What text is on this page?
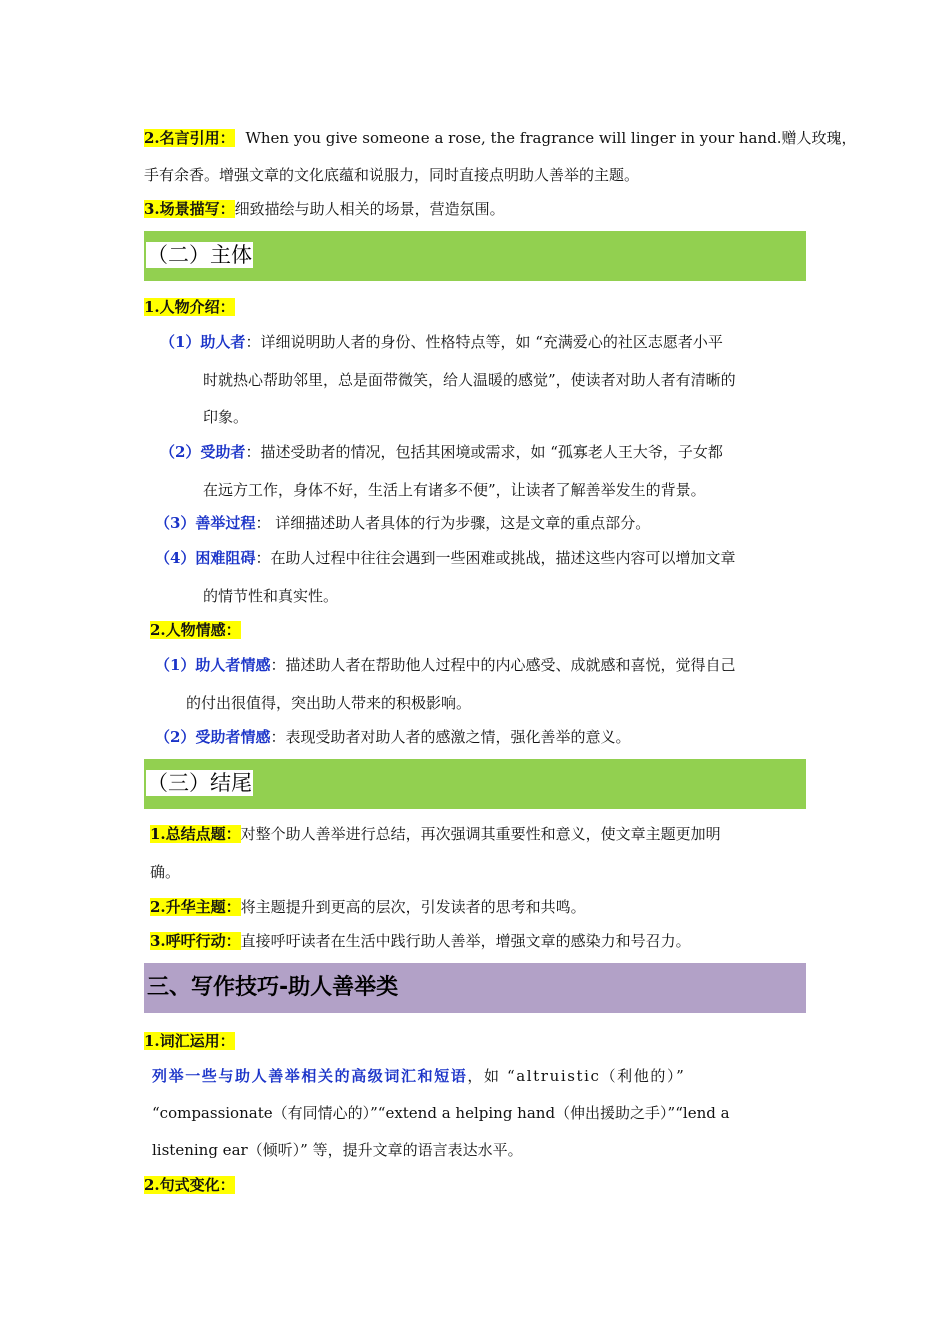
2.名言引用： When you give someone a rose, the fragrance will linger in your hand.赠人玫瑰，
手有余香。增强文章的文化底蕴和说服力，同时直接点明助人善举的主题。
3.场景描写：细致描绘与助人相关的场景，营造氛围。
（二）主体
1.人物介绍：
（1）助人者：详细说明助人者的身份、性格特点等，如 “充满爱心的社区志愿者小平
时就热心帮助邻里，总是面带微笑，给人温暖的感觉”，使读者对助人者有清晰的
印象。
（2）受助者：描述受助者的情况，包括其困境或需求，如 “孤寡老人王大爷，子女都
在远方工作，身体不好，生活上有诸多不便”，让读者了解善举发生的背景。
（3）善举过程： 详细描述助人者具体的行为步骤，这是文章的重点部分。
（4）困难阻碍：在助人过程中往往会遇到一些困难或挑战，描述这些内容可以增加文章
的情节性和真实性。
2.人物情感：
（1）助人者情感：描述助人者在帮助他人过程中的内心感受、成就感和喜悦，觉得自己
的付出很值得，突出助人带来的积极影响。
（2）受助者情感：表现受助者对助人者的感激之情，强化善举的意义。
（三）结尾
1.总结点题：对整个助人善举进行总结，再次强调其重要性和意义，使文章主题更加明
确。
2.升华主题：将主题提升到更高的层次，引发读者的思考和共鸣。
3.呼吁行动：直接呼吁读者在生活中践行助人善举，增强文章的感染力和号召力。
三、写作技巧-助人善举类
1.词汇运用：
列举一些与助人善举相关的高级词汇和短语，如 “altruistic（利他的）”
“compassionate（有同情心的）”“extend a helping hand（伸出援助之手）”“lend a
listening ear（倾听）” 等，提升文章的语言表达水平。
2.句式变化：
